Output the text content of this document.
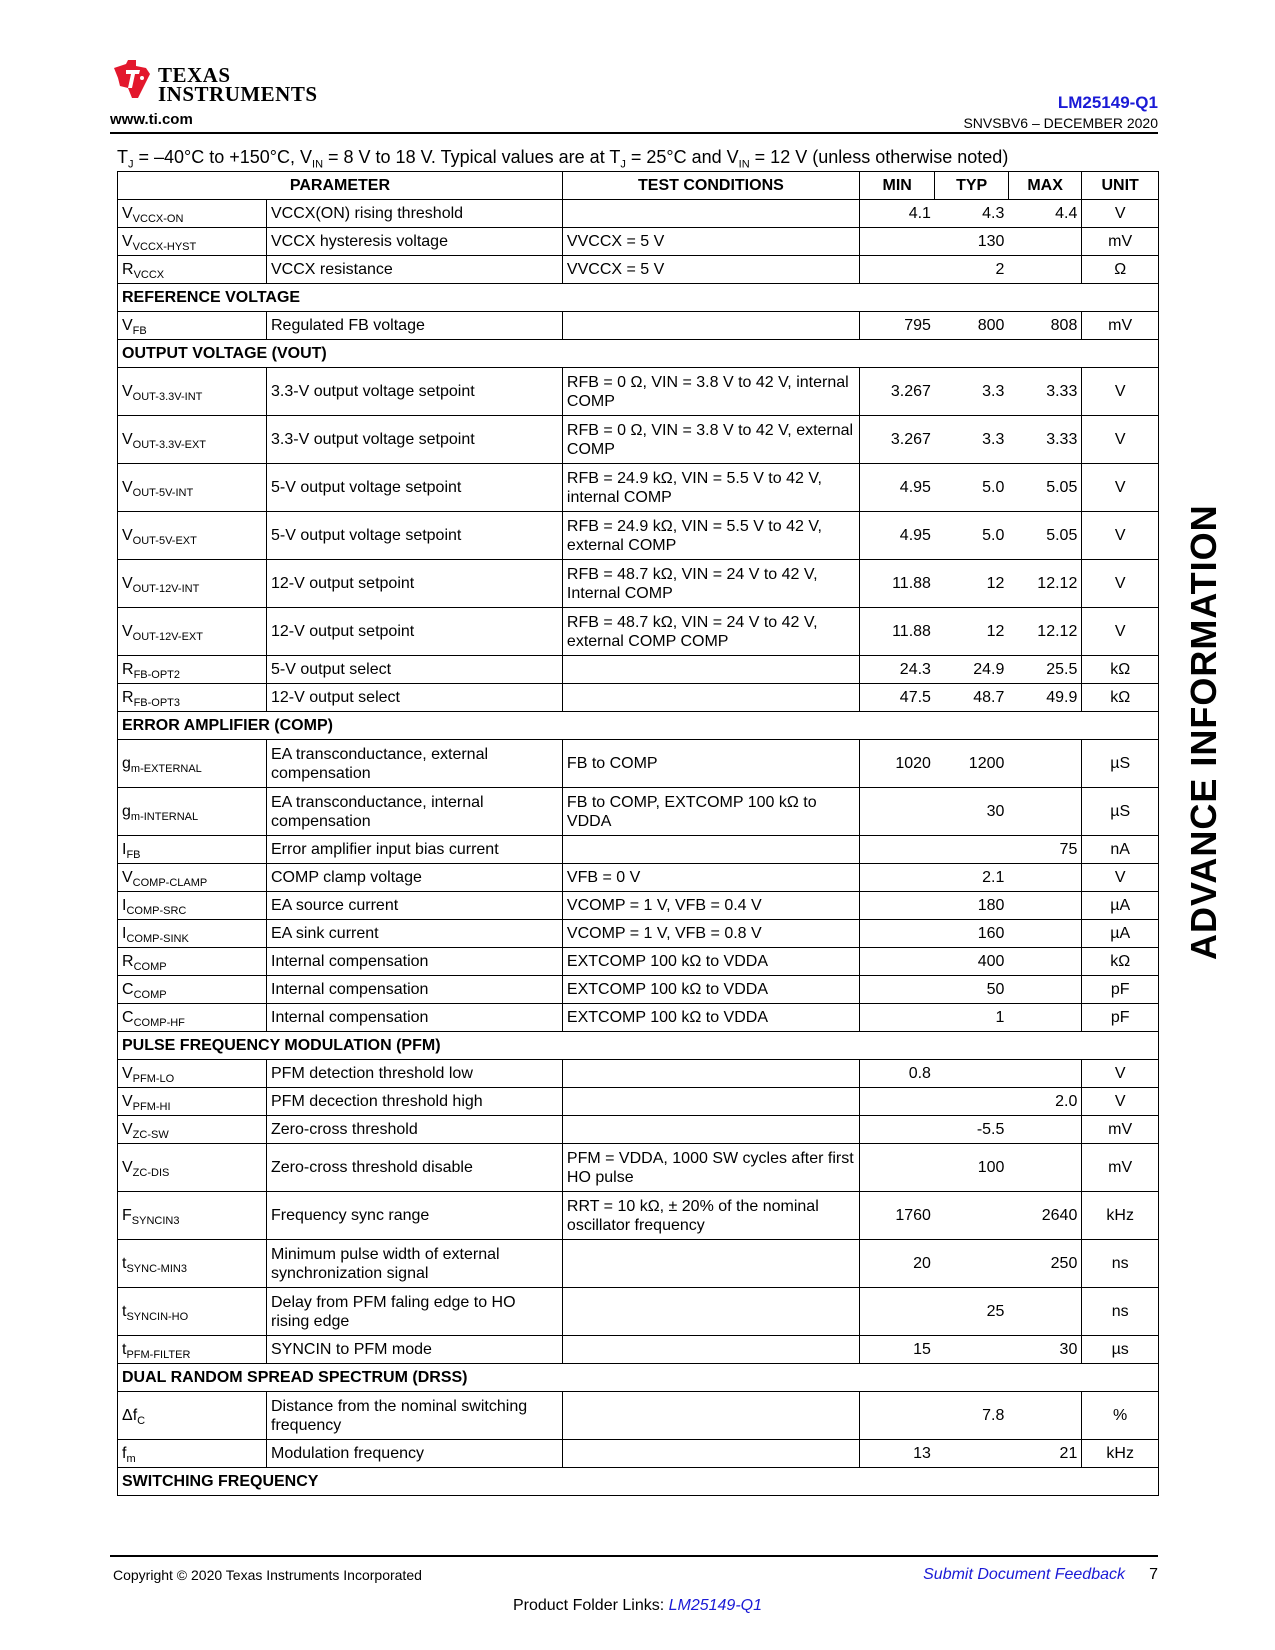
TEXAS
INSTRUMENTS
www.ti.com
LM25149-Q1
SNVSBV6 – DECEMBER 2020
$T_J = -40^\circ C$ to +150°C, $V_{IN} = 8$ V to 18 V. Typical values are at $T_J = 25^\circ C$ and $V_{IN} = 12$ V (unless otherwise noted)
PARAMETER		TEST CONDITIONS	MIN	TYP	MAX	UNIT
$V_{VCCX-ON}$	VCCX(ON) rising threshold		4.1	4.3	4.4	V
$V_{VCCX-HYST}$	VCCX hysteresis voltage	VVCCX = 5 V		130		mV
$R_{VCCX}$	VCCX resistance	VVCCX = 5 V		2		Ω
REFERENCE VOLTAGE						
$V_{FB}$	Regulated FB voltage		795	800	808	mV
OUTPUT VOLTAGE (VOUT)						
$V_{OUT-3.3V-INT}$	3.3-V output voltage setpoint	RFB = 0 Ω, VIN = 3.8 V to 42 V, internal COMP	3.267	3.3	3.33	V
$V_{OUT-3.3V-EXT}$	3.3-V output voltage setpoint	RFB = 0 Ω, VIN = 3.8 V to 42 V, external COMP	3.267	3.3	3.33	V
$V_{OUT-5V-INT}$	5-V output voltage setpoint	RFB = 24.9 kΩ, VIN = 5.5 V to 42 V, internal COMP	4.95	5.0	5.05	V
$V_{OUT-5V-EXT}$	5-V output voltage setpoint	RFB = 24.9 kΩ, VIN = 5.5 V to 42 V, external COMP	4.95	5.0	5.05	V
$V_{OUT-12V-INT}$	12-V output setpoint	RFB = 48.7 kΩ, VIN = 24 V to 42 V, Internal COMP	11.88	12	12.12	V
$V_{OUT-12V-EXT}$	12-V output setpoint	RFB = 48.7 kΩ, VIN = 24 V to 42 V, external COMP COMP	11.88	12	12.12	V
$R_{FB-OPT2}$	5-V output select		24.3	24.9	25.5	kΩ
$R_{FB-OPT3}$	12-V output select		47.5	48.7	49.9	kΩ
ERROR AMPLIFIER (COMP)						
$g_{m-EXTERNAL}$	EA transconductance, external compensation	FB to COMP	1020	1200		µS
$g_{m-INTERNAL}$	EA transconductance, internal compensation	FB to COMP, EXTCOMP 100 kΩ to VDDA		30		µS
$I_{FB}$	Error amplifier input bias current				75	nA
$V_{COMP-CLAMP}$	COMP clamp voltage	VFB = 0 V		2.1		V
$I_{COMP-SRC}$	EA source current	VCOMP = 1 V, VFB = 0.4 V		180		µA
$I_{COMP-SINK}$	EA sink current	VCOMP = 1 V, VFB = 0.8 V		160		µA
$R_{COMP}$	Internal compensation	EXTCOMP 100 kΩ to VDDA		400		kΩ
$C_{COMP}$	Internal compensation	EXTCOMP 100 kΩ to VDDA		50		pF
$C_{COMP-HF}$	Internal compensation	EXTCOMP 100 kΩ to VDDA		1		pF
PULSE FREQUENCY MODULATION (PFM)						
$V_{PFM-LO}$	PFM detection threshold low		0.8			V
$V_{PFM-HI}$	PFM decection threshold high				2.0	V
$V_{ZC-SW}$	Zero-cross threshold			-5.5		mV
$V_{ZC-DIS}$	Zero-cross threshold disable	PFM = VDDA, 1000 SW cycles after first HO pulse		100		mV
$F_{SYNCIN3}$	Frequency sync range	RRT = 10 kΩ, ± 20% of the nominal oscillator frequency	1760		2640	kHz
$t_{SYNC-MIN3}$	Minimum pulse width of external synchronization signal		20		250	ns
$t_{SYNCIN-HO}$	Delay from PFM faling edge to HO rising edge			25		ns
$t_{PFM-FILTER}$	SYNCIN to PFM mode		15		30	µs
DUAL RANDOM SPREAD SPECTRUM (DRSS)						
$\Delta f_C$	Distance from the nominal switching frequency			7.8		%
$f_m$	Modulation frequency		13		21	kHz
SWITCHING FREQUENCY						
ADVANCE INFORMATION
Copyright © 2020 Texas Instruments Incorporated	Submit Document Feedback 7
Product Folder Links: LM25149-Q1
